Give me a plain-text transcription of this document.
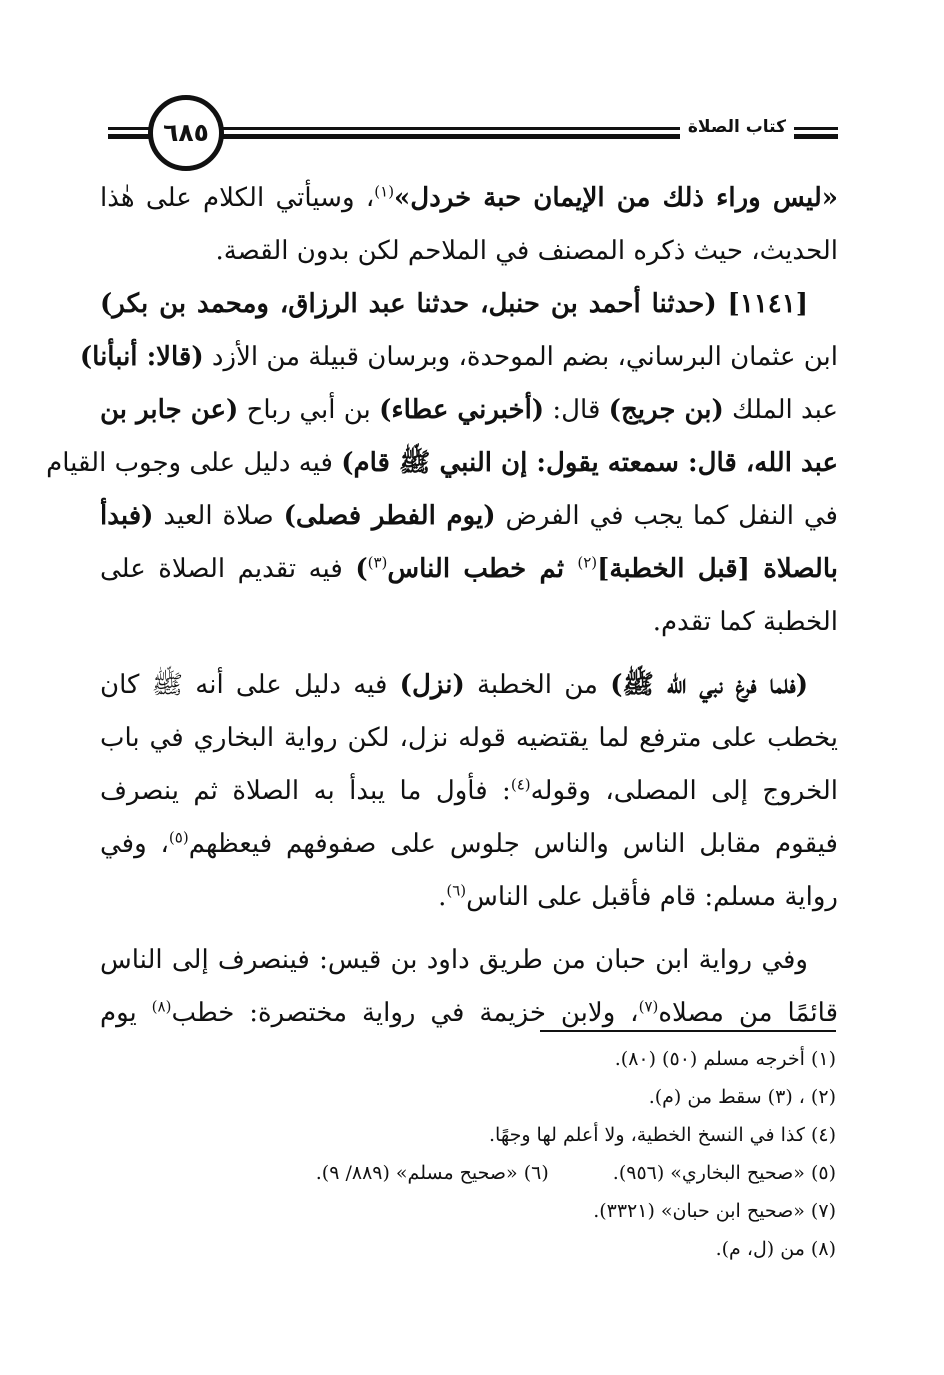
كتاب الصلاة
٦٨٥
«ليس وراء ذلك من الإيمان حبة خردل»$^{(١)}$، وسيأتي الكلام على هٰذا
الحديث، حيث ذكره المصنف في الملاحم لكن بدون القصة.
[١١٤١] (حدثنا أحمد بن حنبل، حدثنا عبد الرزاق، ومحمد بن بكر)
ابن عثمان البرساني، بضم الموحدة، وبرسان قبيلة من الأزد (قالا: أنبأنا)
عبد الملك (بن جريج) قال: (أخبرني عطاء) بن أبي رباح (عن جابر بن
عبد الله، قال: سمعته يقول: إن النبي ﷺ قام) فيه دليل على وجوب القيام
في النفل كما يجب في الفرض (يوم الفطر فصلى) صلاة العيد (فبدأ
بالصلاة [قبل الخطبة]$^{(٢)}$ ثم خطب الناس$^{(٣)}$) فيه تقديم الصلاة على
الخطبة كما تقدم.
(فلما فرغ نبي الله ﷺ) من الخطبة (نزل) فيه دليل على أنه ﷺ كان
يخطب على مترفع لما يقتضيه قوله نزل، لكن رواية البخاري في باب
الخروج إلى المصلى، وقوله$^{(٤)}$: فأول ما يبدأ به الصلاة ثم ينصرف
فيقوم مقابل الناس والناس جلوس على صفوفهم فيعظهم$^{(٥)}$، وفي
رواية مسلم: قام فأقبل على الناس$^{(٦)}$.
وفي رواية ابن حبان من طريق داود بن قيس: فينصرف إلى الناس
قائمًا من مصلاه$^{(٧)}$، ولابن خزيمة في رواية مختصرة: خطب$^{(٨)}$ يوم
(١) أخرجه مسلم (٥٠) (٨٠).
(٢) ، (٣) سقط من (م).
(٤) كذا في النسخ الخطية، ولا أعلم لها وجهًا.
(٥) «صحيح البخاري» (٩٥٦).(٦) «صحيح مسلم» (٨٨٩/ ٩).
(٧) «صحيح ابن حبان» (٣٣٢١).
(٨) من (ل، م).
